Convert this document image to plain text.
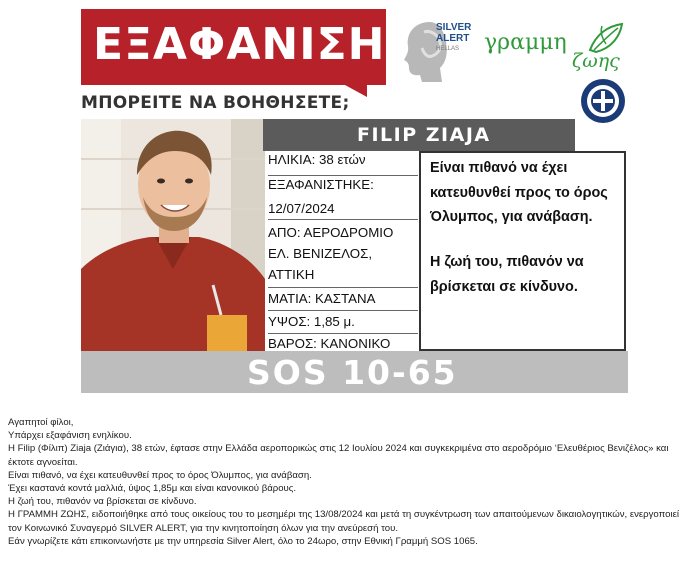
ΕΞΑΦΑΝΙΣΗ
ΜΠΟΡΕΙΤΕ ΝΑ ΒΟΗΘΗΣΕΤΕ;
SILVER
ALERT
HELLAS	γραμμη
ζωης
FILIP ZIAJA
ΗΛΙΚΙΑ: 38 ετών
ΕΞΑΦΑΝΙΣΤΗΚΕ:
12/07/2024
ΑΠΟ: ΑΕΡΟΔΡΟΜΙΟ
ΕΛ. ΒΕΝΙΖΕΛΟΣ,
ΑΤΤΙΚΗ
ΜΑΤΙΑ: ΚΑΣΤΑΝΑ
ΥΨΟΣ: 1,85 μ.
ΒΑΡΟΣ: ΚΑΝΟΝΙΚΟ
Είναι πιθανό να έχει
κατευθυνθεί προς το όρος
Όλυμπος, για ανάβαση.
Η ζωή του, πιθανόν να
βρίσκεται σε κίνδυνο.
SOS 10-65

Αγαπητοί φίλοι,

Υπάρχει εξαφάνιση ενηλίκου.

Η Filip (Φίλιπ) Ziaja (Ζιάγια), 38 ετών, έφτασε στην Ελλάδα αεροπορικώς στις 12 Ιουλίου 2024 και συγκεκριμένα στο αεροδρόμιο ‘Ελευθέριος Βενιζέλος» και

έκτοτε αγνοείται.

Είναι πιθανό, να έχει κατευθυνθεί προς το όρος Όλυμπος, για ανάβαση.

Έχει καστανά κοντά μαλλιά, ύψος 1,85μ και είναι κανονικού βάρους.

Η ζωή του, πιθανόν να βρίσκεται σε κίνδυνο.

Η ΓΡΑΜΜΗ ΖΩΗΣ, ειδοποιήθηκε από τους οικείους του το μεσημέρι της 13/08/2024 και μετά τη συγκέντρωση των απαιτούμενων δικαιολογητικών, ενεργοποιεί

τον Κοινωνικό Συναγερμό SILVER ALERT, για την κινητοποίηση όλων για την ανεύρεσή του.

Εάν γνωρίζετε κάτι επικοινωνήστε με την υπηρεσία Silver Alert, όλο το 24ωρο, στην Εθνική Γραμμή SOS 1065.
